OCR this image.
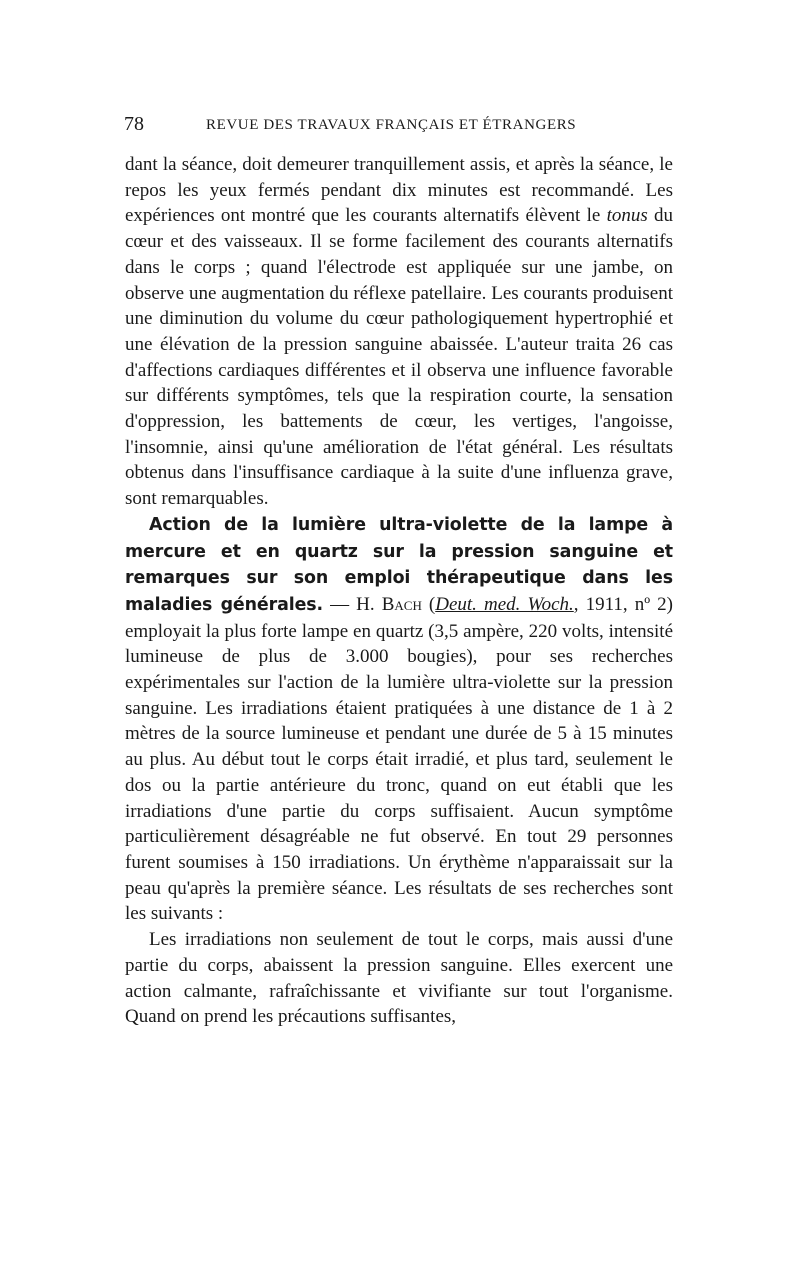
78	REVUE DES TRAVAUX FRANÇAIS ET ÉTRANGERS

dant la séance, doit demeurer tranquillement assis, et après la séance, le repos les yeux fermés pendant dix minutes est recommandé. Les expériences ont montré que les courants alternatifs élèvent le tonus du cœur et des vaisseaux. Il se forme facilement des courants alternatifs dans le corps ; quand l'électrode est appliquée sur une jambe, on observe une augmentation du réflexe patellaire. Les courants produisent une diminution du volume du cœur pathologiquement hypertrophié et une élévation de la pression sanguine abaissée. L'auteur traita 26 cas d'affections cardiaques différentes et il observa une influence favorable sur différents symptômes, tels que la respiration courte, la sensation d'oppression, les battements de cœur, les vertiges, l'angoisse, l'insomnie, ainsi qu'une amélioration de l'état général. Les résultats obtenus dans l'insuffisance cardiaque à la suite d'une influenza grave, sont remarquables.

Action de la lumière ultra-violette de la lampe à mercure et en quartz sur la pression sanguine et remarques sur son emploi thérapeutique dans les maladies générales. — H. Bach (Deut. med. Woch., 1911, nº 2) employait la plus forte lampe en quartz (3,5 ampère, 220 volts, intensité lumineuse de plus de 3.000 bougies), pour ses recherches expérimentales sur l'action de la lumière ultra-violette sur la pression sanguine. Les irradiations étaient pratiquées à une distance de 1 à 2 mètres de la source lumineuse et pendant une durée de 5 à 15 minutes au plus. Au début tout le corps était irradié, et plus tard, seulement le dos ou la partie antérieure du tronc, quand on eut établi que les irradiations d'une partie du corps suffisaient. Aucun symptôme particulièrement désagréable ne fut observé. En tout 29 personnes furent soumises à 150 irradiations. Un érythème n'apparaissait sur la peau qu'après la première séance. Les résultats de ses recherches sont les suivants :

Les irradiations non seulement de tout le corps, mais aussi d'une partie du corps, abaissent la pression sanguine. Elles exercent une action calmante, rafraîchissante et vivifiante sur tout l'organisme. Quand on prend les précautions suffisantes,
